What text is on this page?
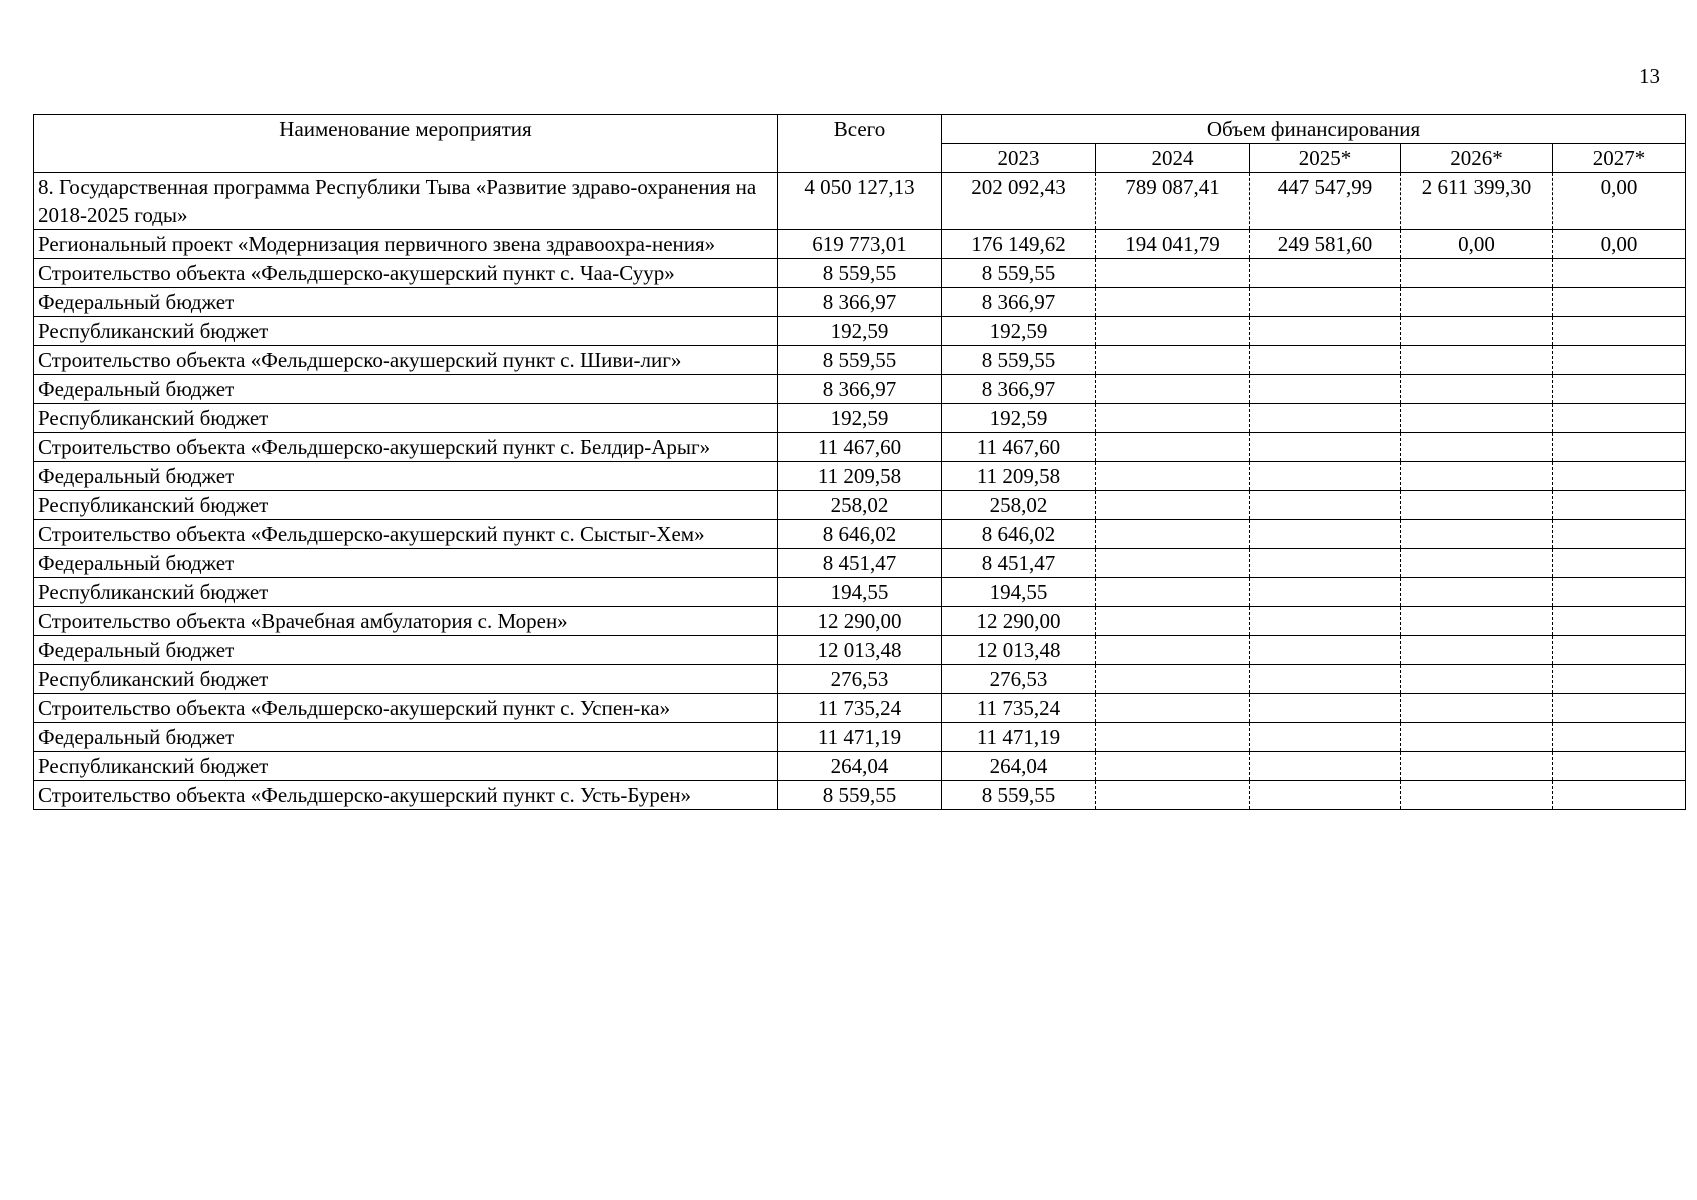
13
Наименование мероприятия	Всего	Объем финансирования				
		2023	2024	2025*	2026*	2027*
8. Государственная программа Республики Тыва «Развитие здраво-охранения на 2018-2025 годы»	4 050 127,13	202 092,43	789 087,41	447 547,99	2 611 399,30	0,00
Региональный проект «Модернизация первичного звена здравоохра-нения»	619 773,01	176 149,62	194 041,79	249 581,60	0,00	0,00
Строительство объекта «Фельдшерско-акушерский пункт с. Чаа-Суур»	8 559,55	8 559,55				
Федеральный бюджет	8 366,97	8 366,97				
Республиканский бюджет	192,59	192,59				
Строительство объекта «Фельдшерско-акушерский пункт с. Шиви-лиг»	8 559,55	8 559,55				
Федеральный бюджет	8 366,97	8 366,97				
Республиканский бюджет	192,59	192,59				
Строительство объекта «Фельдшерско-акушерский пункт с. Белдир-Арыг»	11 467,60	11 467,60				
Федеральный бюджет	11 209,58	11 209,58				
Республиканский бюджет	258,02	258,02				
Строительство объекта «Фельдшерско-акушерский пункт с. Сыстыг-Хем»	8 646,02	8 646,02				
Федеральный бюджет	8 451,47	8 451,47				
Республиканский бюджет	194,55	194,55				
Строительство объекта «Врачебная амбулатория с. Морен»	12 290,00	12 290,00				
Федеральный бюджет	12 013,48	12 013,48				
Республиканский бюджет	276,53	276,53				
Строительство объекта «Фельдшерско-акушерский пункт с. Успен-ка»	11 735,24	11 735,24				
Федеральный бюджет	11 471,19	11 471,19				
Республиканский бюджет	264,04	264,04				
Строительство объекта «Фельдшерско-акушерский пункт с. Усть-Бурен»	8 559,55	8 559,55				
